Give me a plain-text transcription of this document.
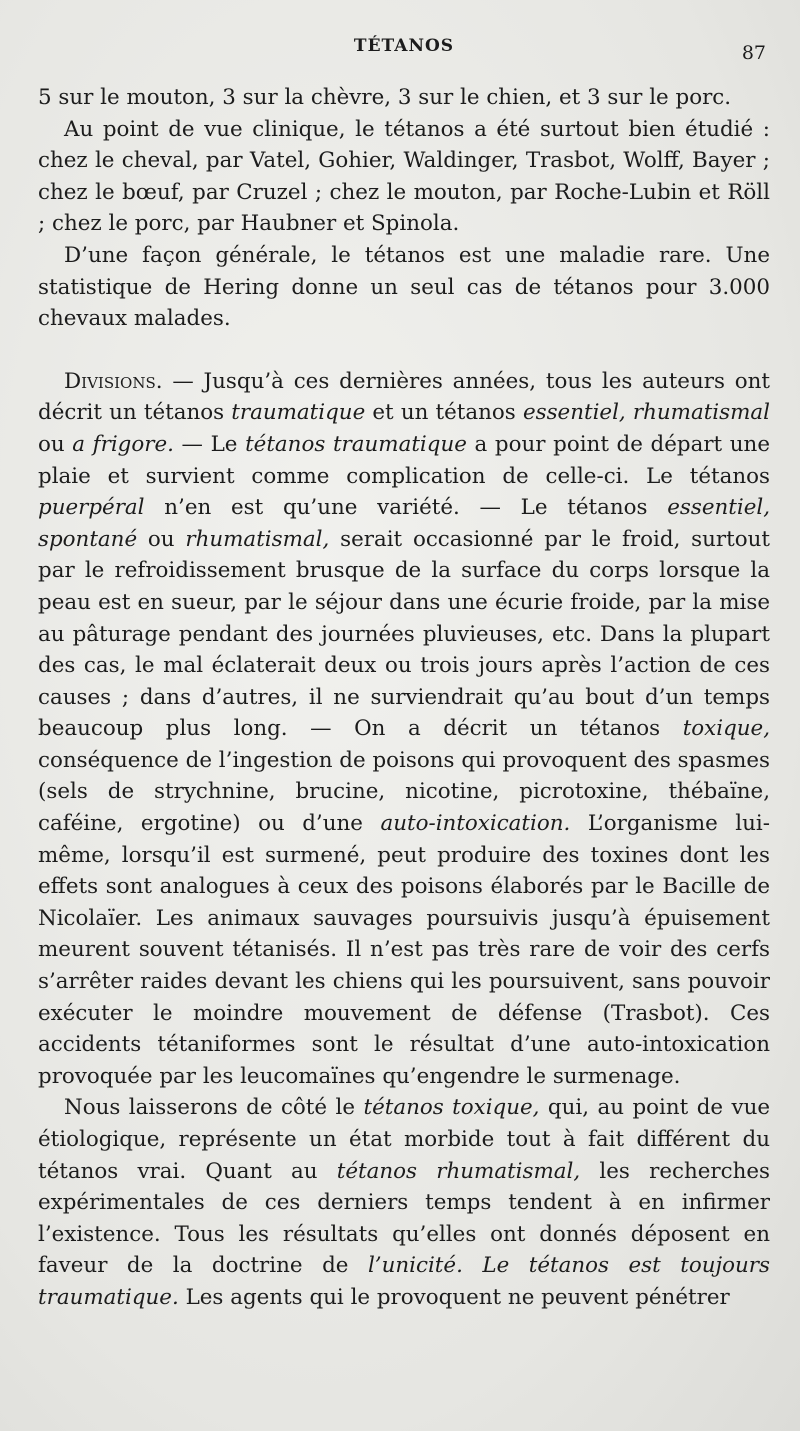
TÉTANOS	87

5 sur le mouton, 3 sur la chèvre, 3 sur le chien, et 3 sur le porc.

Au point de vue clinique, le tétanos a été surtout bien étudié : chez le cheval, par Vatel, Gohier, Waldinger, Trasbot, Wolff, Bayer ; chez le bœuf, par Cruzel ; chez le mouton, par Roche-Lubin et Röll ; chez le porc, par Haubner et Spinola.

D’une façon générale, le tétanos est une maladie rare. Une statistique de Hering donne un seul cas de tétanos pour 3.000 chevaux malades.

Divisions. — Jusqu’à ces dernières années, tous les auteurs ont décrit un tétanos traumatique et un tétanos essentiel, rhumatismal ou a frigore. — Le tétanos traumatique a pour point de départ une plaie et survient comme complication de celle-ci. Le tétanos puerpéral n’en est qu’une variété. — Le tétanos essentiel, spontané ou rhumatismal, serait occasionné par le froid, surtout par le refroidissement brusque de la surface du corps lorsque la peau est en sueur, par le séjour dans une écurie froide, par la mise au pâturage pendant des journées pluvieuses, etc. Dans la plupart des cas, le mal éclaterait deux ou trois jours après l’action de ces causes ; dans d’autres, il ne surviendrait qu’au bout d’un temps beaucoup plus long. — On a décrit un tétanos toxique, conséquence de l’ingestion de poisons qui provoquent des spasmes (sels de strychnine, brucine, nicotine, picrotoxine, thébaïne, caféine, ergotine) ou d’une auto-intoxication. L’organisme lui-même, lorsqu’il est surmené, peut produire des toxines dont les effets sont analogues à ceux des poisons élaborés par le Bacille de Nicolaïer. Les animaux sauvages poursuivis jusqu’à épuisement meurent souvent tétanisés. Il n’est pas très rare de voir des cerfs s’arrêter raides devant les chiens qui les poursuivent, sans pouvoir exécuter le moindre mouvement de défense (Trasbot). Ces accidents tétaniformes sont le résultat d’une auto-intoxication provoquée par les leucomaïnes qu’engendre le surmenage.

Nous laisserons de côté le tétanos toxique, qui, au point de vue étiologique, représente un état morbide tout à fait différent du tétanos vrai. Quant au tétanos rhumatismal, les recherches expérimentales de ces derniers temps tendent à en infirmer l’existence. Tous les résultats qu’elles ont donnés déposent en faveur de la doctrine de l’unicité. Le tétanos est toujours traumatique. Les agents qui le provoquent ne peuvent pénétrer
